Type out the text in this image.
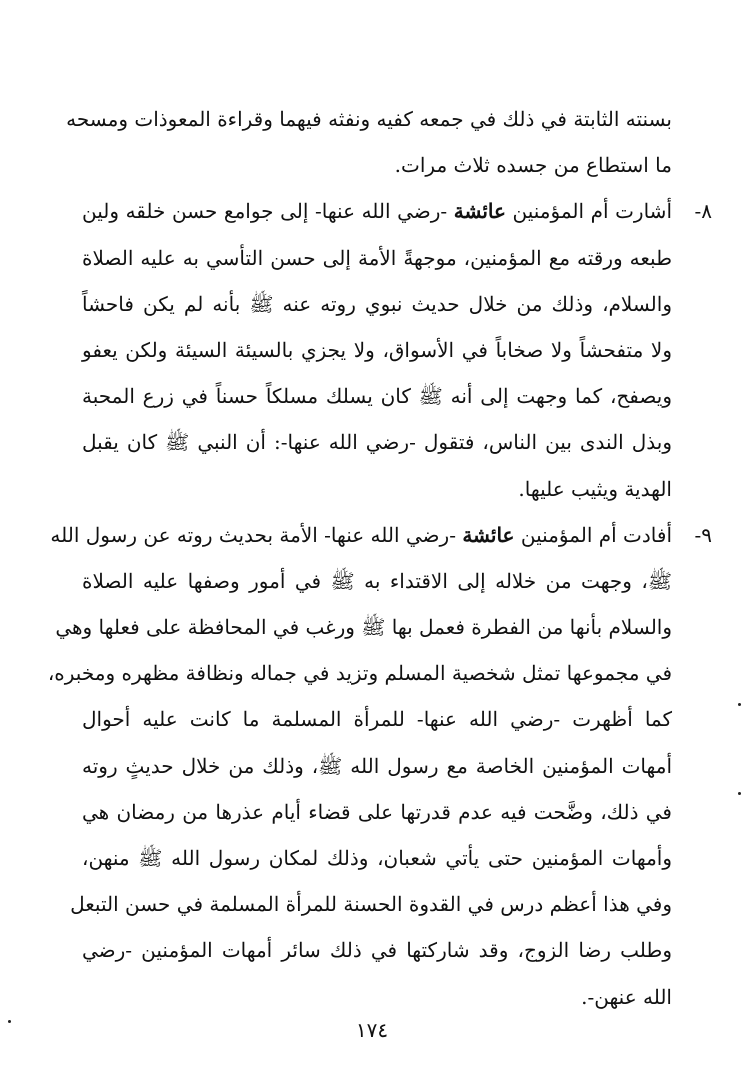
بسنته الثابتة في ذلك في جمعه كفيه ونفثه فيهما وقراءة المعوذات ومسحه
ما استطاع من جسده ثلاث مرات.
٨-
أشارت أم المؤمنين عائشة -رضي الله عنها- إلى جوامع حسن خلقه ولين
طبعه ورقته مع المؤمنين، موجهةً الأمة إلى حسن التأسي به عليه الصلاة
والسلام، وذلك من خلال حديث نبوي روته عنه ﷺ بأنه لم يكن فاحشاً
ولا متفحشاً ولا صخاباً في الأسواق، ولا يجزي بالسيئة السيئة ولكن يعفو
ويصفح، كما وجهت إلى أنه ﷺ كان يسلك مسلكاً حسناً في زرع المحبة
وبذل الندى بين الناس، فتقول -رضي الله عنها-: أن النبي ﷺ كان يقبل
الهدية ويثيب عليها.
٩-
أفادت أم المؤمنين عائشة -رضي الله عنها- الأمة بحديث روته عن رسول الله
ﷺ، وجهت من خلاله إلى الاقتداء به ﷺ في أمور وصفها عليه الصلاة
والسلام بأنها من الفطرة فعمل بها ﷺ ورغب في المحافظة على فعلها وهي
في مجموعها تمثل شخصية المسلم وتزيد في جماله ونظافة مظهره ومخبره،
كما أظهرت -رضي الله عنها- للمرأة المسلمة ما كانت عليه أحوال
أمهات المؤمنين الخاصة مع رسول الله ﷺ، وذلك من خلال حديثٍ روته
في ذلك، وضَّحت فيه عدم قدرتها على قضاء أيام عذرها من رمضان هي
وأمهات المؤمنين حتى يأتي شعبان، وذلك لمكان رسول الله ﷺ منهن،
وفي هذا أعظم درس في القدوة الحسنة للمرأة المسلمة في حسن التبعل
وطلب رضا الزوج، وقد شاركتها في ذلك سائر أمهات المؤمنين -رضي
الله عنهن-.
١٧٤
